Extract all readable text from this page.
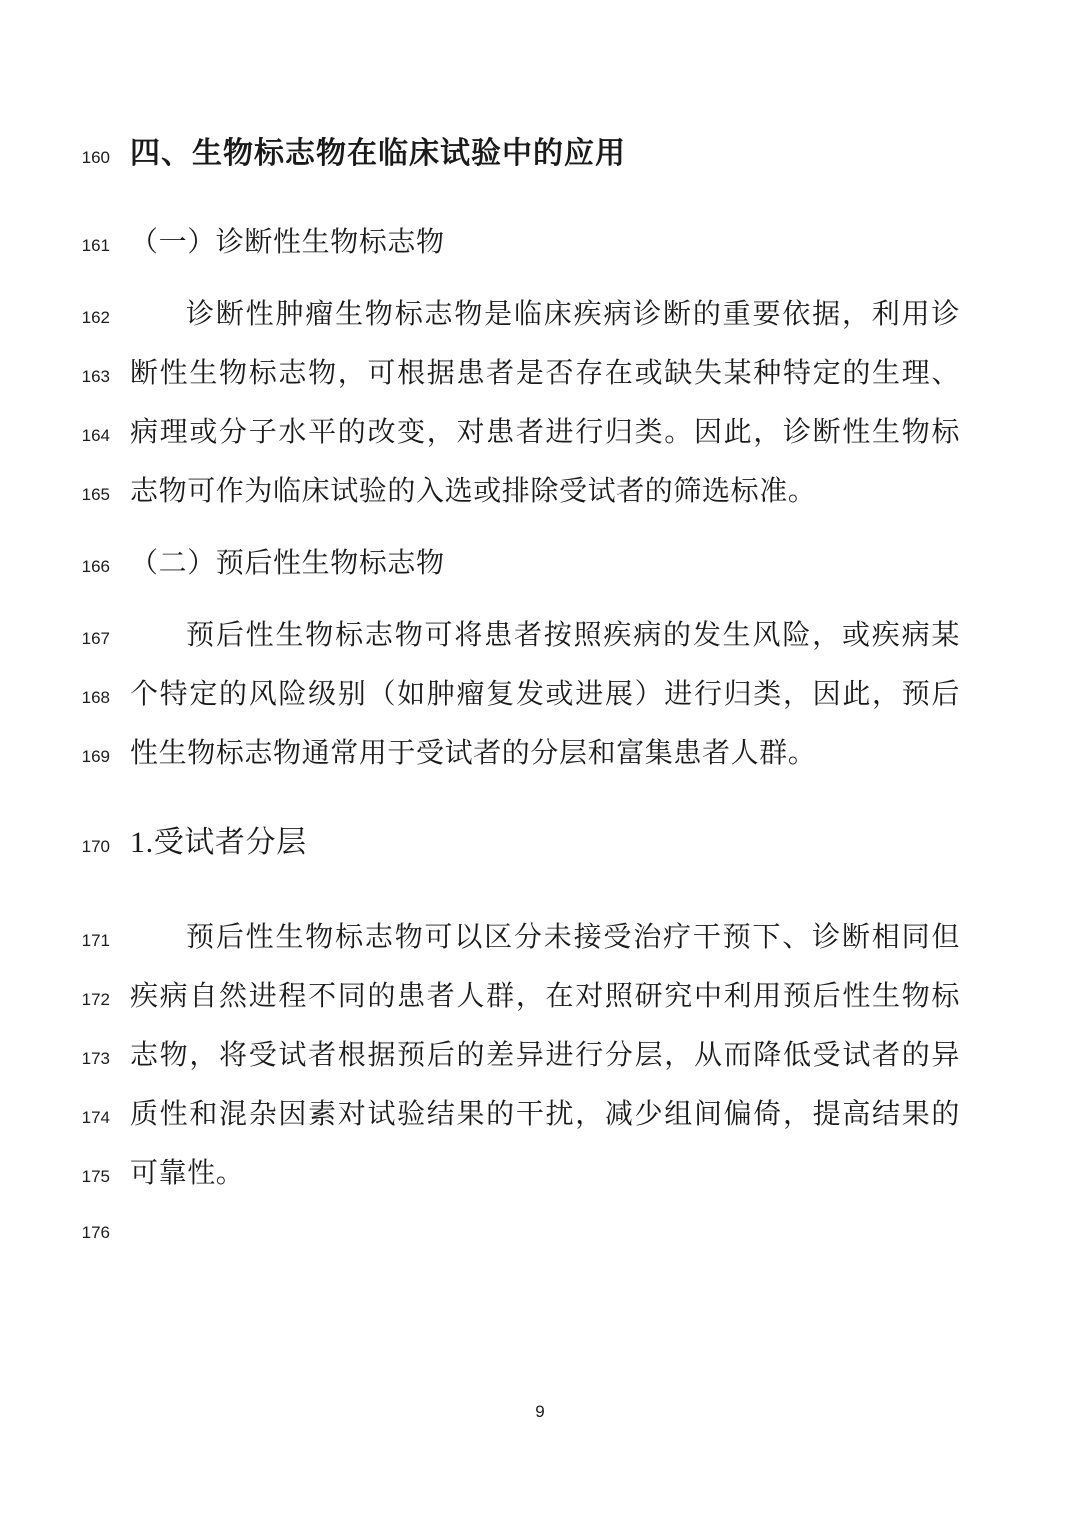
160 四、生物标志物在临床试验中的应用
161 （一）诊断性生物标志物
162	诊断性肿瘤生物标志物是临床疾病诊断的重要依据，利用诊
163 断性生物标志物，可根据患者是否存在或缺失某种特定的生理、
164 病理或分子水平的改变，对患者进行归类。因此，诊断性生物标
165 志物可作为临床试验的入选或排除受试者的筛选标准。
166 （二）预后性生物标志物
167	预后性生物标志物可将患者按照疾病的发生风险，或疾病某
168 个特定的风险级别（如肿瘤复发或进展）进行归类，因此，预后
169 性生物标志物通常用于受试者的分层和富集患者人群。
170 1.受试者分层
171	预后性生物标志物可以区分未接受治疗干预下、诊断相同但
172 疾病自然进程不同的患者人群，在对照研究中利用预后性生物标
173 志物，将受试者根据预后的差异进行分层，从而降低受试者的异
174 质性和混杂因素对试验结果的干扰，减少组间偏倚，提高结果的
175 可靠性。
176
9
